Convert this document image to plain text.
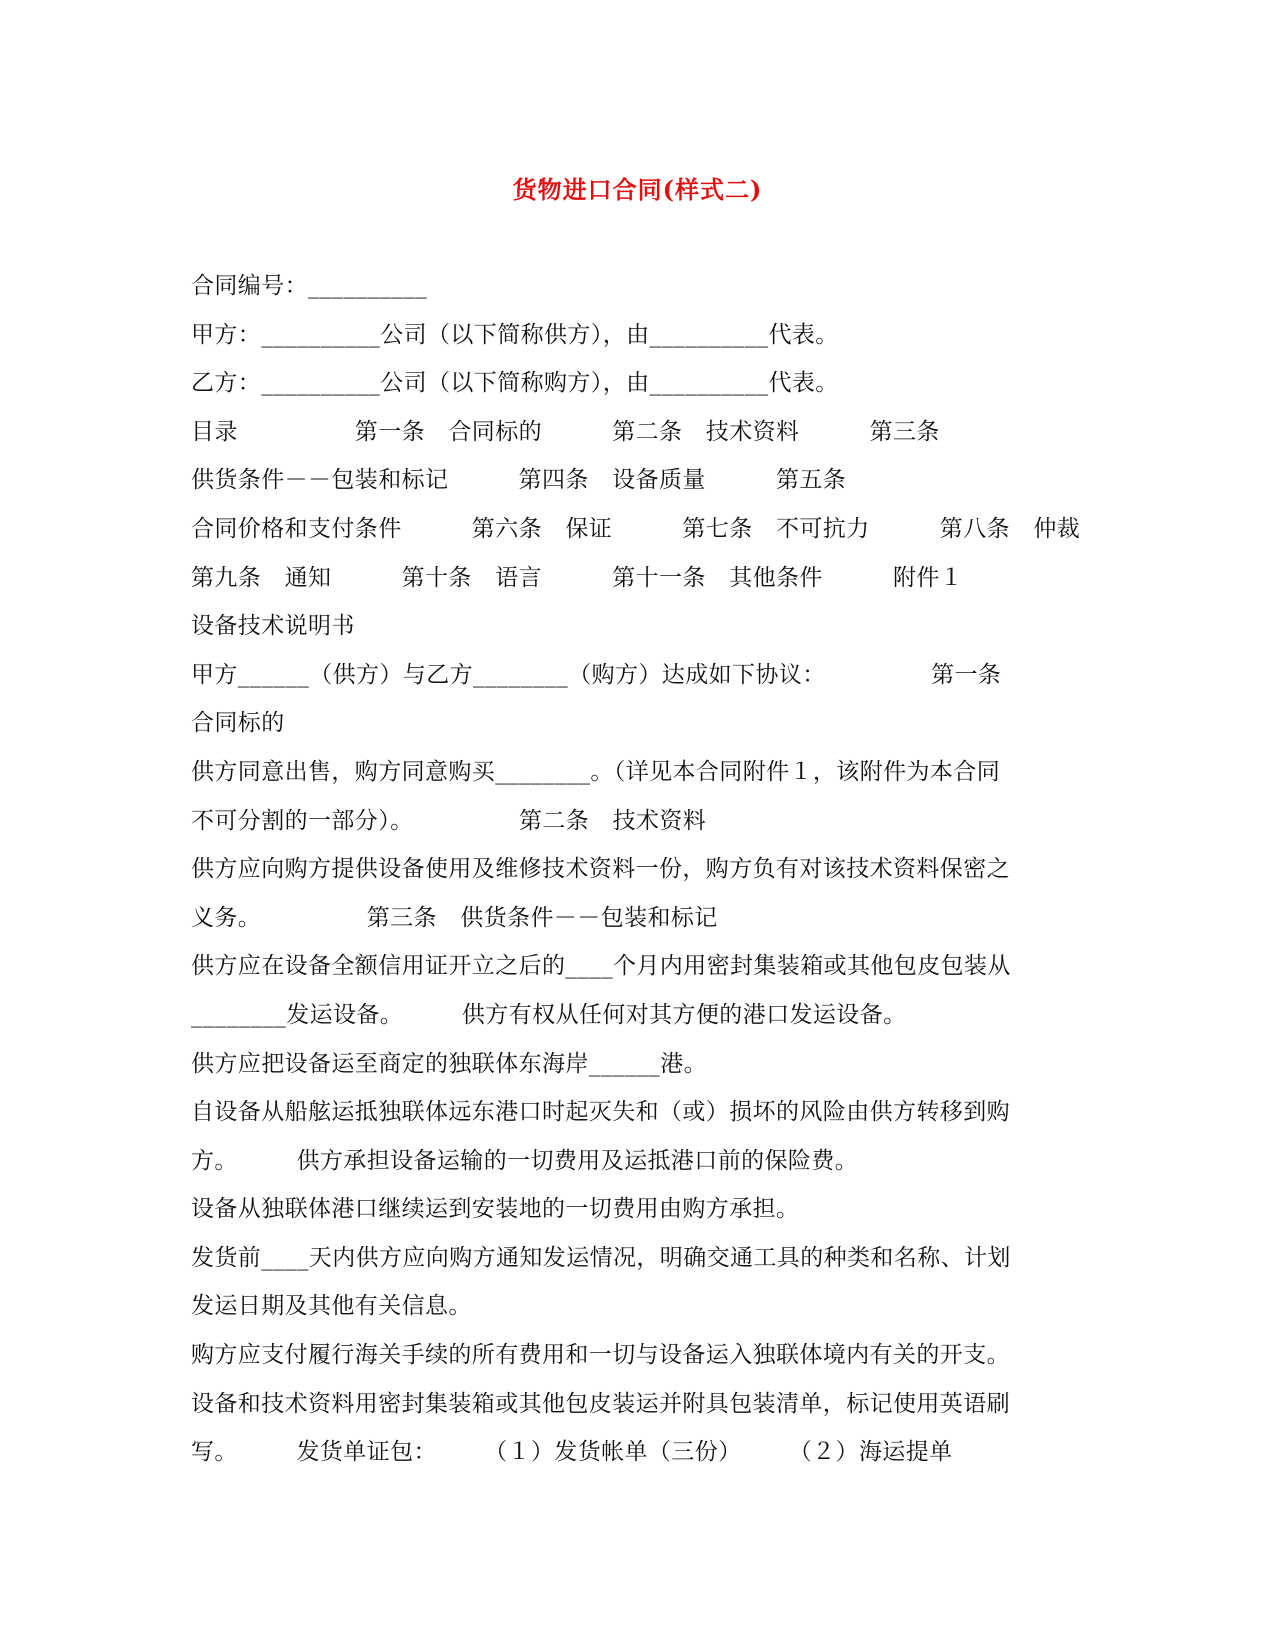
货物进口合同(样式二)
合同编号：__________
甲方：__________公司（以下简称供方），由__________代表。
乙方：__________公司（以下简称购方），由__________代表。
目录　　　　　第一条　合同标的　　　第二条　技术资料　　　第三条
供货条件－－包装和标记　　　第四条　设备质量　　　第五条
合同价格和支付条件　　　第六条　保证　　　第七条　不可抗力　　　第八条　仲裁
第九条　通知　　　第十条　语言　　　第十一条　其他条件　　　附件１
设备技术说明书
甲方______（供方）与乙方________（购方）达成如下协议：　　　　　第一条
合同标的
供方同意出售，购方同意购买________。（详见本合同附件１，该附件为本合同
不可分割的一部分）。　　　　　第二条　技术资料
供方应向购方提供设备使用及维修技术资料一份，购方负有对该技术资料保密之
义务。　　　　　第三条　供货条件－－包装和标记
供方应在设备全额信用证开立之后的____个月内用密封集装箱或其他包皮包装从
________发运设备。　　　供方有权从任何对其方便的港口发运设备。
供方应把设备运至商定的独联体东海岸______港。
自设备从船舷运抵独联体远东港口时起灭失和（或）损坏的风险由供方转移到购
方。　　　供方承担设备运输的一切费用及运抵港口前的保险费。
设备从独联体港口继续运到安装地的一切费用由购方承担。
发货前____天内供方应向购方通知发运情况，明确交通工具的种类和名称、计划
发运日期及其他有关信息。
购方应支付履行海关手续的所有费用和一切与设备运入独联体境内有关的开支。
设备和技术资料用密封集装箱或其他包皮装运并附具包装清单，标记使用英语刷
写。　　　发货单证包：　　　（１）发货帐单（三份）　　　（２）海运提单
